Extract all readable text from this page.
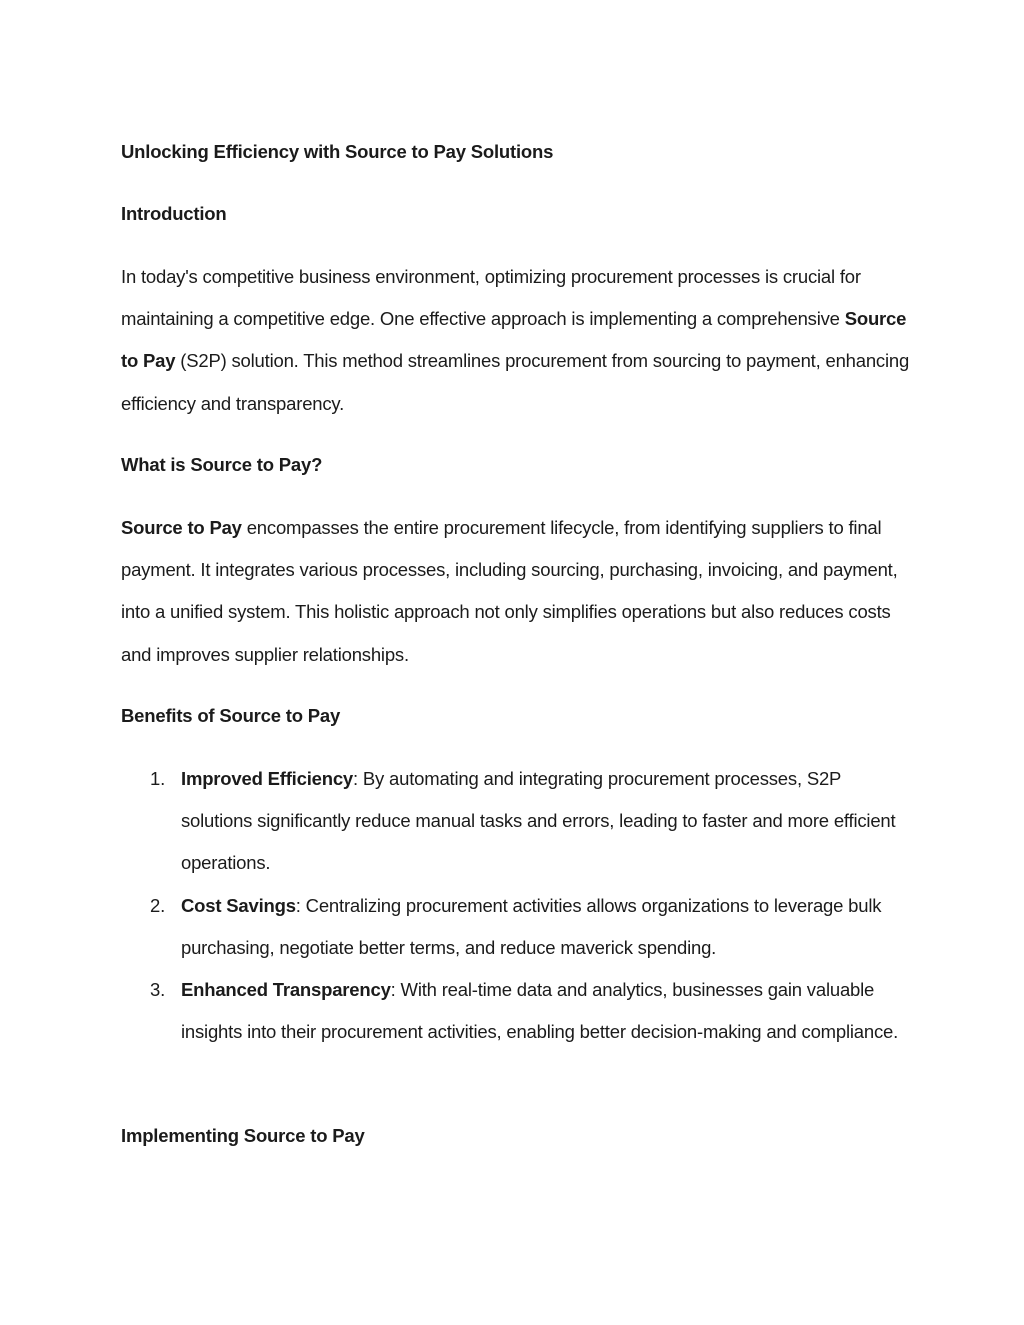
Unlocking Efficiency with Source to Pay Solutions
Introduction
In today's competitive business environment, optimizing procurement processes is crucial for maintaining a competitive edge. One effective approach is implementing a comprehensive Source to Pay (S2P) solution. This method streamlines procurement from sourcing to payment, enhancing efficiency and transparency.
What is Source to Pay?
Source to Pay encompasses the entire procurement lifecycle, from identifying suppliers to final payment. It integrates various processes, including sourcing, purchasing, invoicing, and payment, into a unified system. This holistic approach not only simplifies operations but also reduces costs and improves supplier relationships.
Benefits of Source to Pay
1. Improved Efficiency: By automating and integrating procurement processes, S2P solutions significantly reduce manual tasks and errors, leading to faster and more efficient operations.
2. Cost Savings: Centralizing procurement activities allows organizations to leverage bulk purchasing, negotiate better terms, and reduce maverick spending.
3. Enhanced Transparency: With real-time data and analytics, businesses gain valuable insights into their procurement activities, enabling better decision-making and compliance.
Implementing Source to Pay
